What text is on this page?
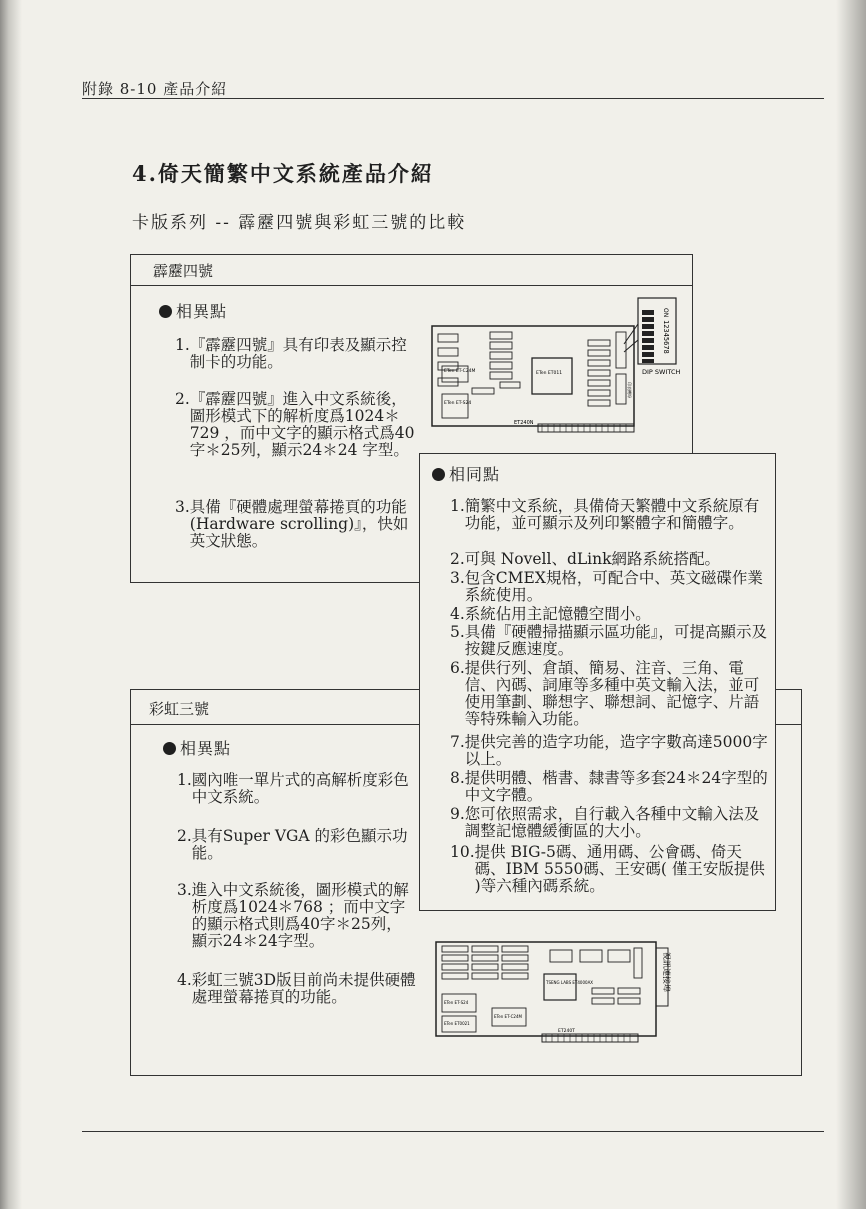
附錄 8-10 產品介紹
4.倚天簡繁中文系統產品介紹
卡版系列 -- 霹靂四號與彩虹三號的比較
霹靂四號
相異點
1. 『霹靂四號』具有印表及顯示控制卡的功能。
2. 『霹靂四號』進入中文系統後，圖形模式下的解析度爲1024＊729 ，而中文字的顯示格式爲40字＊25列，顯示24＊24 字型。
3. 具備『硬體處理螢幕捲頁的功能(Hardware scrolling)』，快如英文狀態。
ETen ET-C24M
ETen ET-S24
ETen ET011
ET240N
ON
12345678
DIP SWITCH
印表機埠
彩虹三號
相異點
1. 國內唯一單片式的高解析度彩色中文系統。
2. 具有Super VGA 的彩色顯示功能。
3. 進入中文系統後，圖形模式的解析度爲1024＊768 ；而中文字的顯示格式則爲40字＊25列，顯示24＊24字型。
4. 彩虹三號3D版目前尚未提供硬體處理螢幕捲頁的功能。
相同點
1. 簡繁中文系統，具備倚天繁體中文系統原有功能，並可顯示及列印繁體字和簡體字。
2. 可與 Novell、dLink網路系統搭配。
3. 包含CMEX規格，可配合中、英文磁碟作業系統使用。
4. 系統佔用主記憶體空間小。
5. 具備『硬體掃描顯示區功能』，可提高顯示及按鍵反應速度。
6. 提供行列、倉頡、簡易、注音、三角、電信、內碼、詞庫等多種中英文輸入法，並可使用筆劃、聯想字、聯想詞、記憶字、片語等特殊輸入功能。
7. 提供完善的造字功能，造字字數高達5000字以上。
8. 提供明體、楷書、隸書等多套24＊24字型的中文字體。
9. 您可依照需求，自行載入各種中文輸入法及調整記憶體緩衝區的大小。
10. 提供 BIG-5碼、通用碼、公會碼、倚天碼、IBM 5550碼、王安碼( 僅王安版提供 )等六種內碼系統。
TSENG LABS ET4000AX
ETen ET-S24
ETen ET0021
ETen ET-C24M
ET240T
視訊連接埠
